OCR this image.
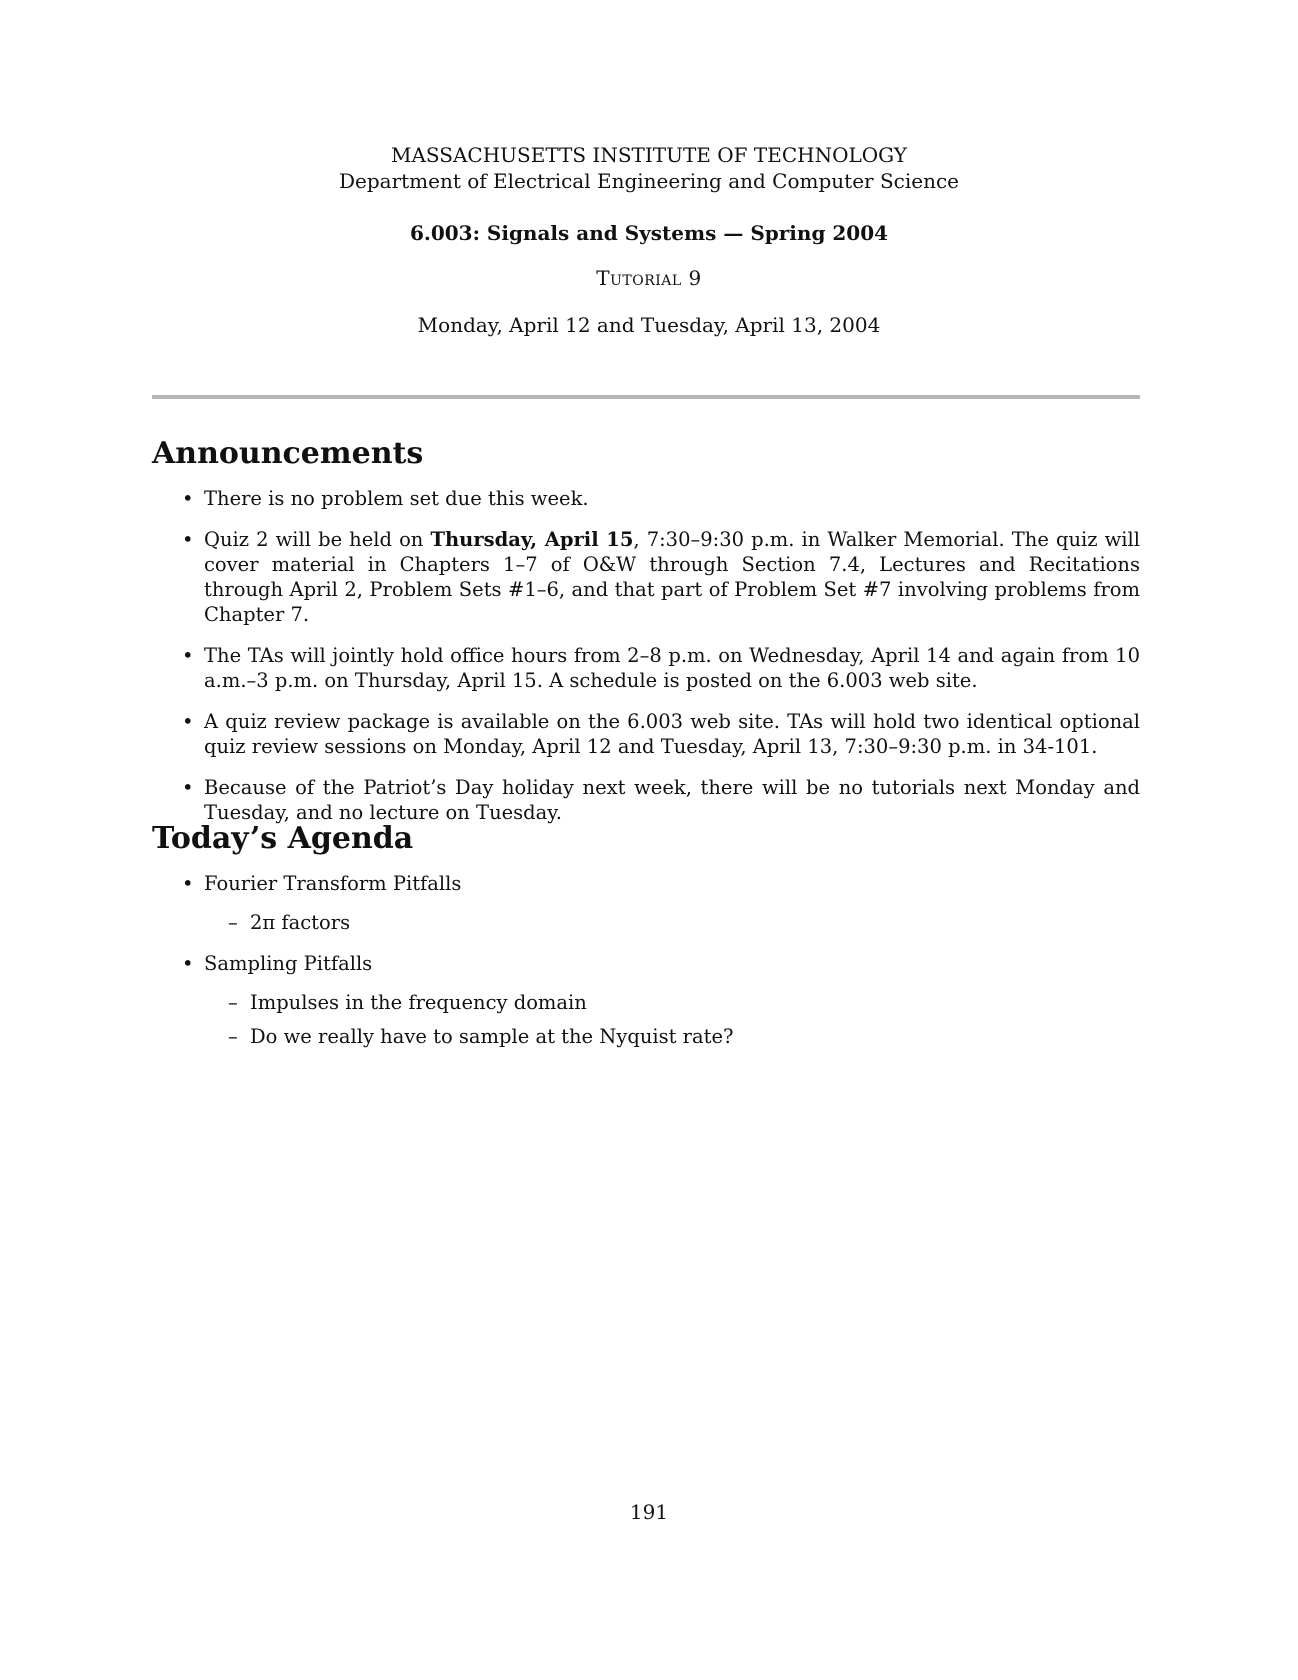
MASSACHUSETTS INSTITUTE OF TECHNOLOGY
Department of Electrical Engineering and Computer Science
6.003: Signals and Systems — Spring 2004
Tutorial 9
Monday, April 12 and Tuesday, April 13, 2004
Announcements
• There is no problem set due this week.
• Quiz 2 will be held on Thursday, April 15, 7:30–9:30 p.m. in Walker Memorial. The quiz will cover material in Chapters 1–7 of O&W through Section 7.4, Lectures and Recitations through April 2, Problem Sets #1–6, and that part of Problem Set #7 involving problems from Chapter 7.
• The TAs will jointly hold office hours from 2–8 p.m. on Wednesday, April 14 and again from 10 a.m.–3 p.m. on Thursday, April 15. A schedule is posted on the 6.003 web site.
• A quiz review package is available on the 6.003 web site. TAs will hold two identical optional quiz review sessions on Monday, April 12 and Tuesday, April 13, 7:30–9:30 p.m. in 34-101.
• Because of the Patriot’s Day holiday next week, there will be no tutorials next Monday and Tuesday, and no lecture on Tuesday.
Today’s Agenda
• Fourier Transform Pitfalls
– 2π factors
• Sampling Pitfalls
– Impulses in the frequency domain
– Do we really have to sample at the Nyquist rate?
191
